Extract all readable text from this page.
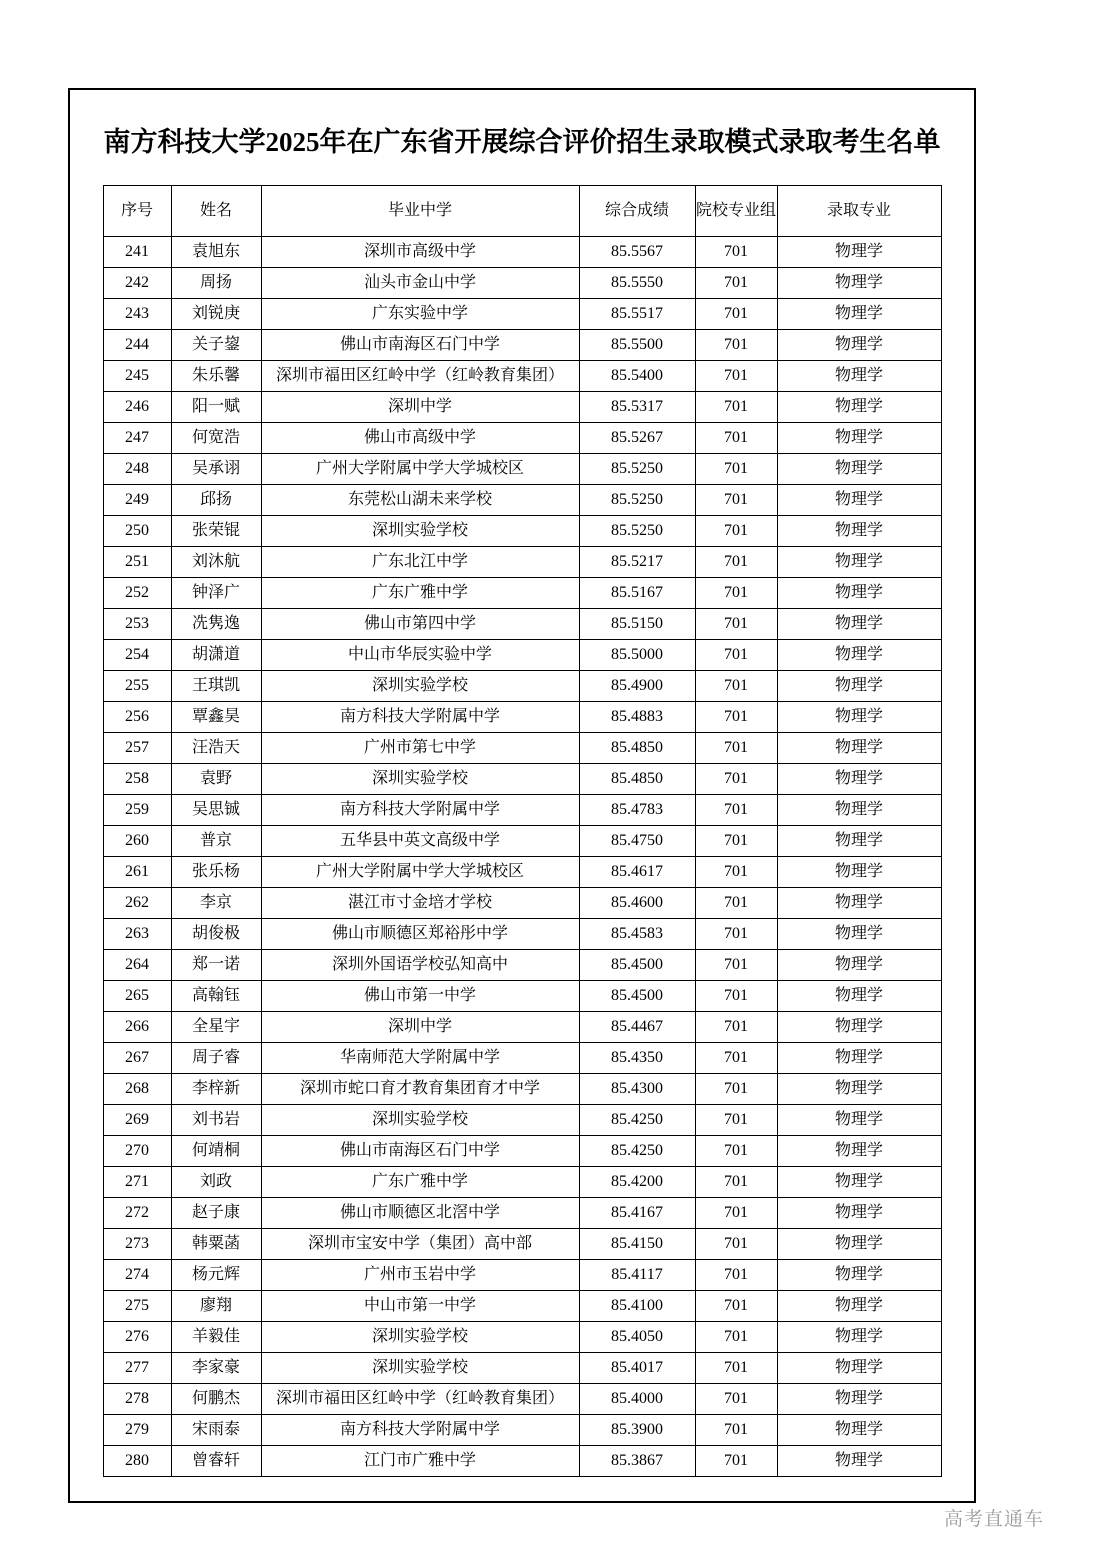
南方科技大学2025年在广东省开展综合评价招生录取模式录取考生名单
序号	姓名	毕业中学	综合成绩	院校专业组	录取专业
241	袁旭东	深圳市高级中学	85.5567	701	物理学
242	周扬	汕头市金山中学	85.5550	701	物理学
243	刘锐庚	广东实验中学	85.5517	701	物理学
244	关子鋆	佛山市南海区石门中学	85.5500	701	物理学
245	朱乐馨	深圳市福田区红岭中学（红岭教育集团）	85.5400	701	物理学
246	阳一赋	深圳中学	85.5317	701	物理学
247	何宽浩	佛山市高级中学	85.5267	701	物理学
248	吴承诩	广州大学附属中学大学城校区	85.5250	701	物理学
249	邱扬	东莞松山湖未来学校	85.5250	701	物理学
250	张荣锟	深圳实验学校	85.5250	701	物理学
251	刘沐航	广东北江中学	85.5217	701	物理学
252	钟泽广	广东广雅中学	85.5167	701	物理学
253	冼隽逸	佛山市第四中学	85.5150	701	物理学
254	胡潇道	中山市华辰实验中学	85.5000	701	物理学
255	王琪凯	深圳实验学校	85.4900	701	物理学
256	覃鑫昊	南方科技大学附属中学	85.4883	701	物理学
257	汪浩天	广州市第七中学	85.4850	701	物理学
258	袁野	深圳实验学校	85.4850	701	物理学
259	吴思铖	南方科技大学附属中学	85.4783	701	物理学
260	普京	五华县中英文高级中学	85.4750	701	物理学
261	张乐杨	广州大学附属中学大学城校区	85.4617	701	物理学
262	李京	湛江市寸金培才学校	85.4600	701	物理学
263	胡俊极	佛山市顺德区郑裕彤中学	85.4583	701	物理学
264	郑一诺	深圳外国语学校弘知高中	85.4500	701	物理学
265	高翰钰	佛山市第一中学	85.4500	701	物理学
266	全星宇	深圳中学	85.4467	701	物理学
267	周子睿	华南师范大学附属中学	85.4350	701	物理学
268	李梓新	深圳市蛇口育才教育集团育才中学	85.4300	701	物理学
269	刘书岩	深圳实验学校	85.4250	701	物理学
270	何靖桐	佛山市南海区石门中学	85.4250	701	物理学
271	刘政	广东广雅中学	85.4200	701	物理学
272	赵子康	佛山市顺德区北滘中学	85.4167	701	物理学
273	韩粟菡	深圳市宝安中学（集团）高中部	85.4150	701	物理学
274	杨元辉	广州市玉岩中学	85.4117	701	物理学
275	廖翔	中山市第一中学	85.4100	701	物理学
276	羊毅佳	深圳实验学校	85.4050	701	物理学
277	李家豪	深圳实验学校	85.4017	701	物理学
278	何鹏杰	深圳市福田区红岭中学（红岭教育集团）	85.4000	701	物理学
279	宋雨泰	南方科技大学附属中学	85.3900	701	物理学
280	曾睿轩	江门市广雅中学	85.3867	701	物理学
高考直通车
